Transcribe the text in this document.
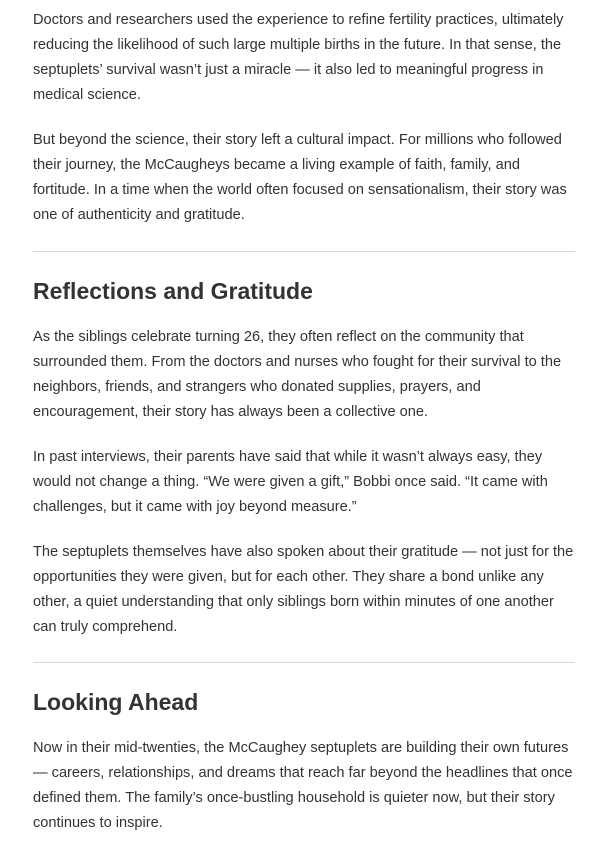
Doctors and researchers used the experience to refine fertility practices, ultimately reducing the likelihood of such large multiple births in the future. In that sense, the septuplets’ survival wasn’t just a miracle — it also led to meaningful progress in medical science.

But beyond the science, their story left a cultural impact. For millions who followed their journey, the McCaugheys became a living example of faith, family, and fortitude. In a time when the world often focused on sensationalism, their story was one of authenticity and gratitude.

Reflections and Gratitude

As the siblings celebrate turning 26, they often reflect on the community that surrounded them. From the doctors and nurses who fought for their survival to the neighbors, friends, and strangers who donated supplies, prayers, and encouragement, their story has always been a collective one.

In past interviews, their parents have said that while it wasn’t always easy, they would not change a thing. “We were given a gift,” Bobbi once said. “It came with challenges, but it came with joy beyond measure.”

The septuplets themselves have also spoken about their gratitude — not just for the opportunities they were given, but for each other. They share a bond unlike any other, a quiet understanding that only siblings born within minutes of one another can truly comprehend.

Looking Ahead

Now in their mid-twenties, the McCaughey septuplets are building their own futures — careers, relationships, and dreams that reach far beyond the headlines that once defined them. The family’s once-bustling household is quieter now, but their story continues to inspire.
